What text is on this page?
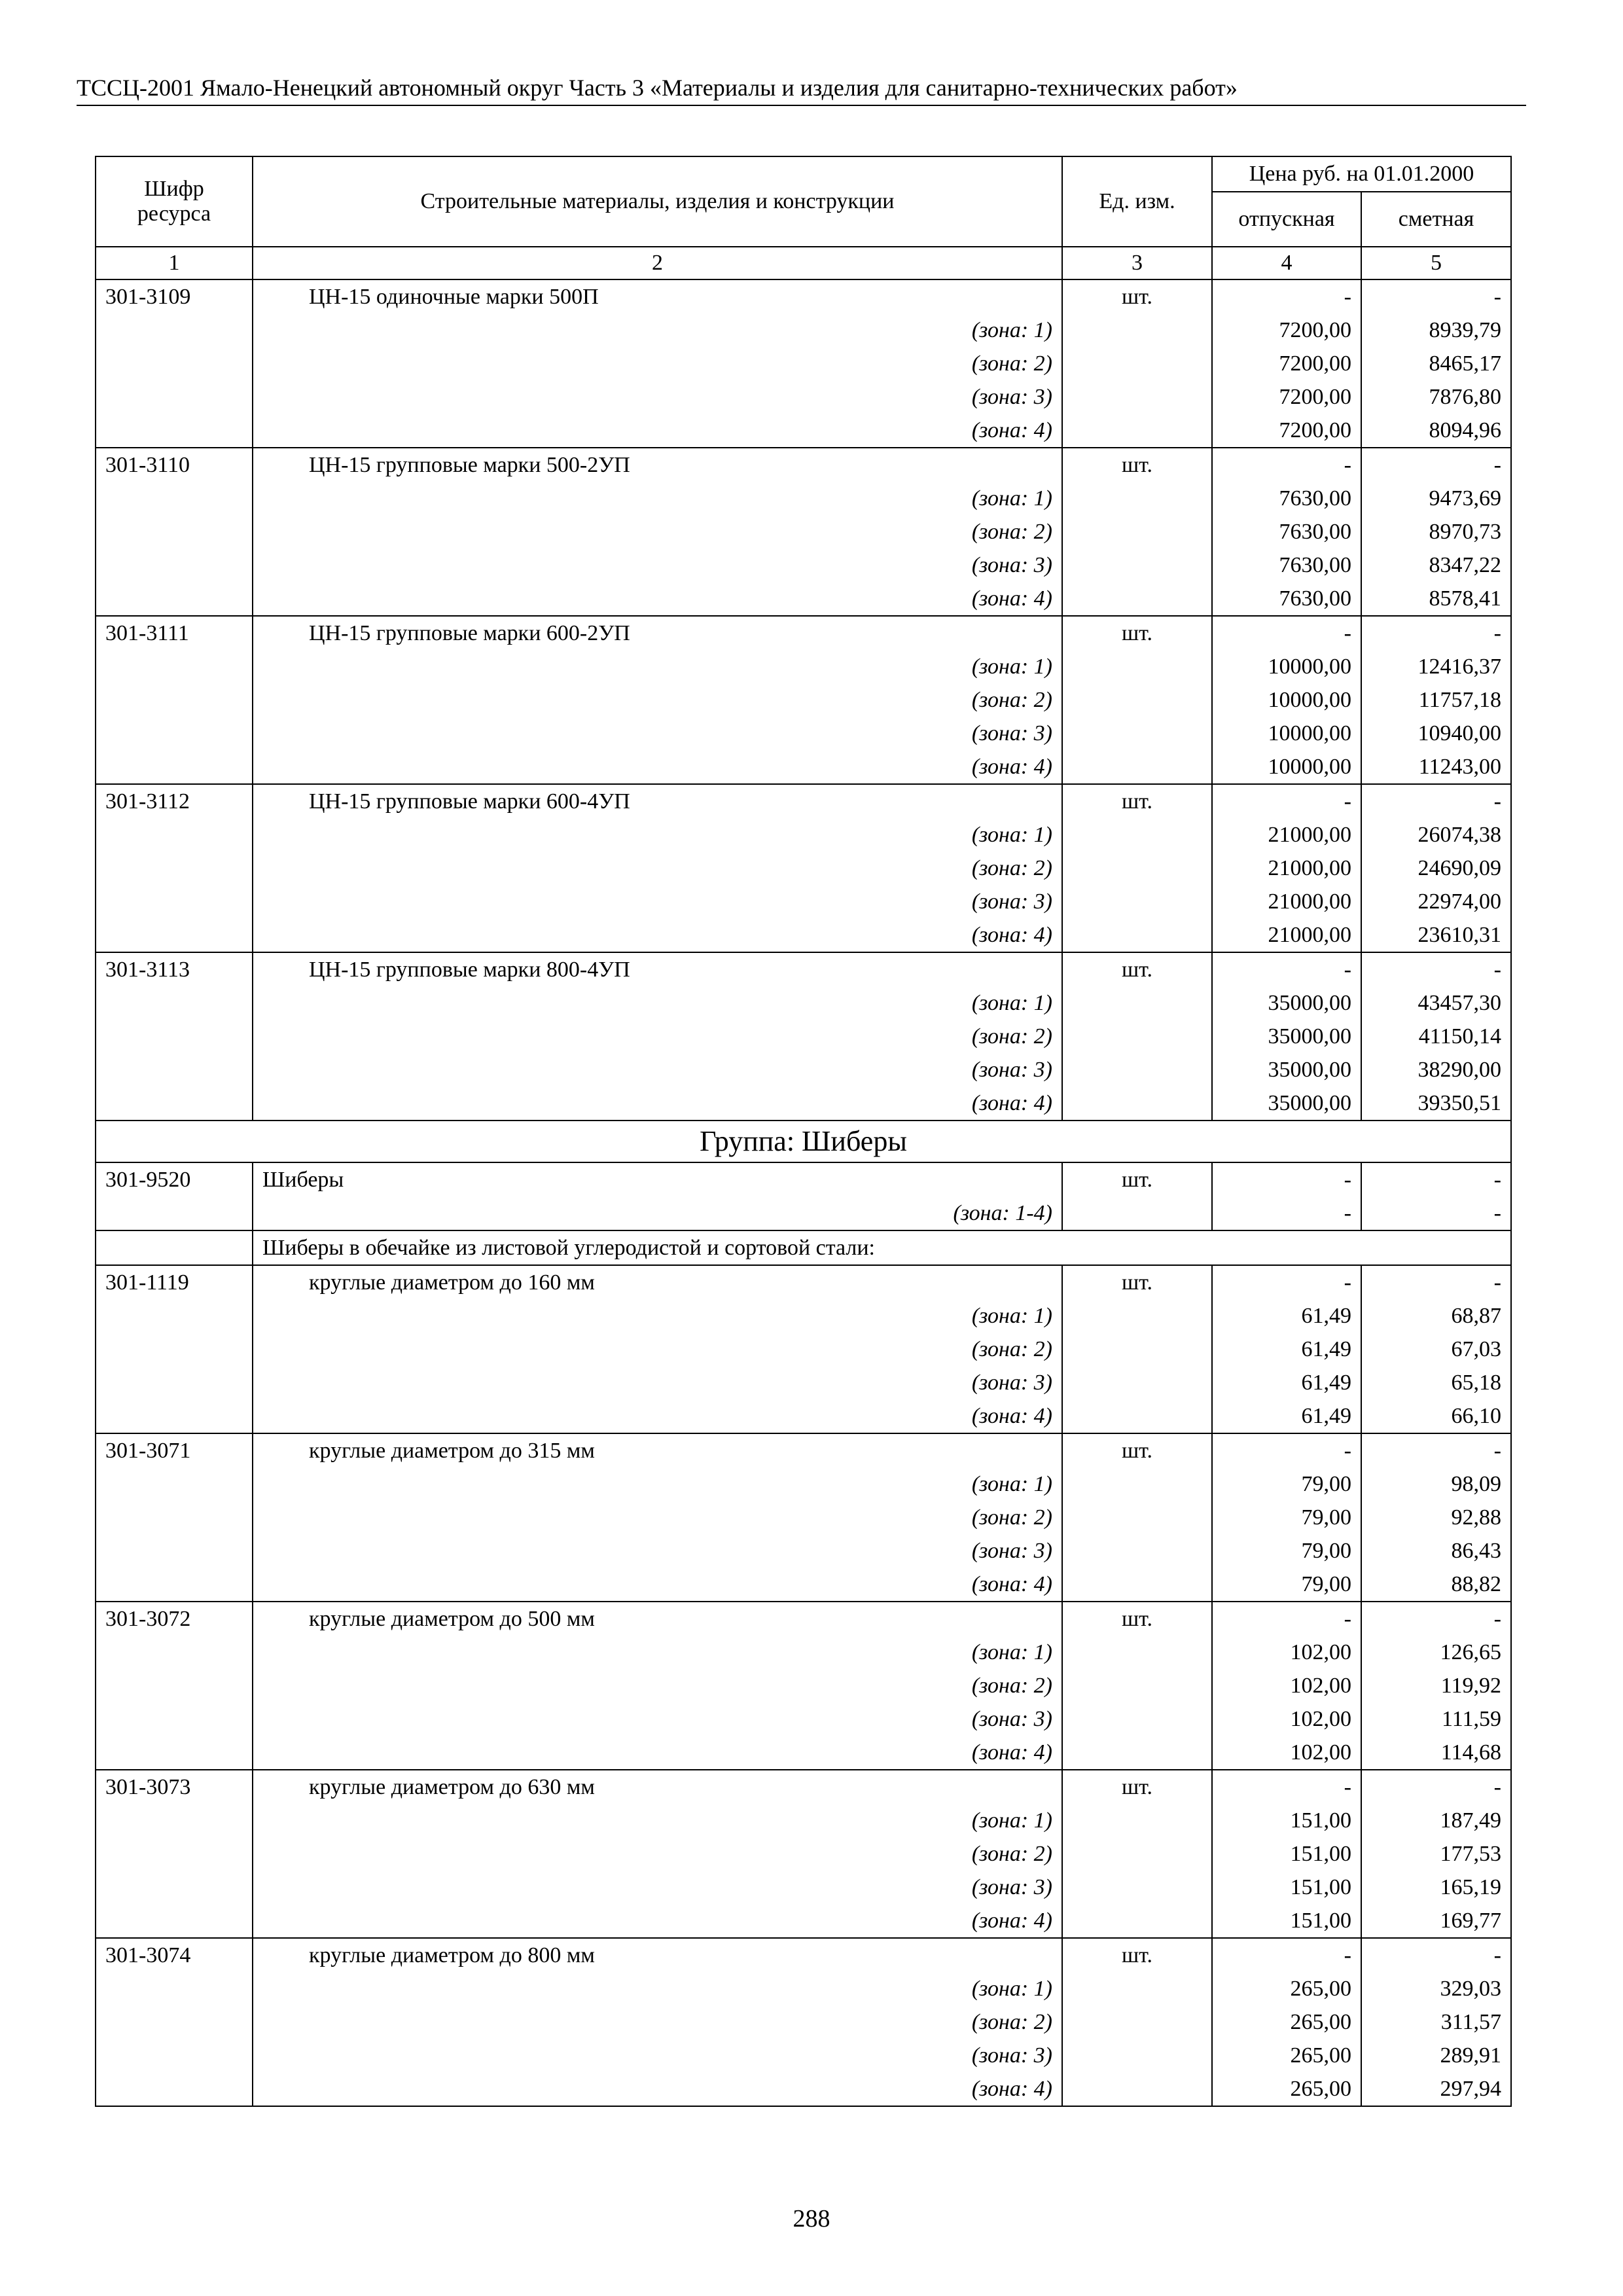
ТССЦ-2001 Ямало-Ненецкий автономный округ Часть 3 «Материалы и изделия для санитарно-технических работ»
Шифр ресурса	Строительные материалы, изделия и конструкции	Ед. изм.	Цена руб. на 01.01.2000	
			отпускная	сметная
1	2	3	4	5
301-3109	ЦН-15 одиночные марки 500П	шт.	-	-
	(зона: 1)		7200,00	8939,79
	(зона: 2)		7200,00	8465,17
	(зона: 3)		7200,00	7876,80
	(зона: 4)		7200,00	8094,96
301-3110	ЦН-15 групповые марки 500-2УП	шт.	-	-
	(зона: 1)		7630,00	9473,69
	(зона: 2)		7630,00	8970,73
	(зона: 3)		7630,00	8347,22
	(зона: 4)		7630,00	8578,41
301-3111	ЦН-15 групповые марки 600-2УП	шт.	-	-
	(зона: 1)		10000,00	12416,37
	(зона: 2)		10000,00	11757,18
	(зона: 3)		10000,00	10940,00
	(зона: 4)		10000,00	11243,00
301-3112	ЦН-15 групповые марки 600-4УП	шт.	-	-
	(зона: 1)		21000,00	26074,38
	(зона: 2)		21000,00	24690,09
	(зона: 3)		21000,00	22974,00
	(зона: 4)		21000,00	23610,31
301-3113	ЦН-15 групповые марки 800-4УП	шт.	-	-
	(зона: 1)		35000,00	43457,30
	(зона: 2)		35000,00	41150,14
	(зона: 3)		35000,00	38290,00
	(зона: 4)		35000,00	39350,51
Группа: Шиберы				
301-9520	Шиберы	шт.	-	-
	(зона: 1-4)		-	-
	Шиберы в обечайке из листовой углеродистой и сортовой стали:			
301-1119	круглые диаметром до 160 мм	шт.	-	-
	(зона: 1)		61,49	68,87
	(зона: 2)		61,49	67,03
	(зона: 3)		61,49	65,18
	(зона: 4)		61,49	66,10
301-3071	круглые диаметром до 315 мм	шт.	-	-
	(зона: 1)		79,00	98,09
	(зона: 2)		79,00	92,88
	(зона: 3)		79,00	86,43
	(зона: 4)		79,00	88,82
301-3072	круглые диаметром до 500 мм	шт.	-	-
	(зона: 1)		102,00	126,65
	(зона: 2)		102,00	119,92
	(зона: 3)		102,00	111,59
	(зона: 4)		102,00	114,68
301-3073	круглые диаметром до 630 мм	шт.	-	-
	(зона: 1)		151,00	187,49
	(зона: 2)		151,00	177,53
	(зона: 3)		151,00	165,19
	(зона: 4)		151,00	169,77
301-3074	круглые диаметром до 800 мм	шт.	-	-
	(зона: 1)		265,00	329,03
	(зона: 2)		265,00	311,57
	(зона: 3)		265,00	289,91
	(зона: 4)		265,00	297,94
288
